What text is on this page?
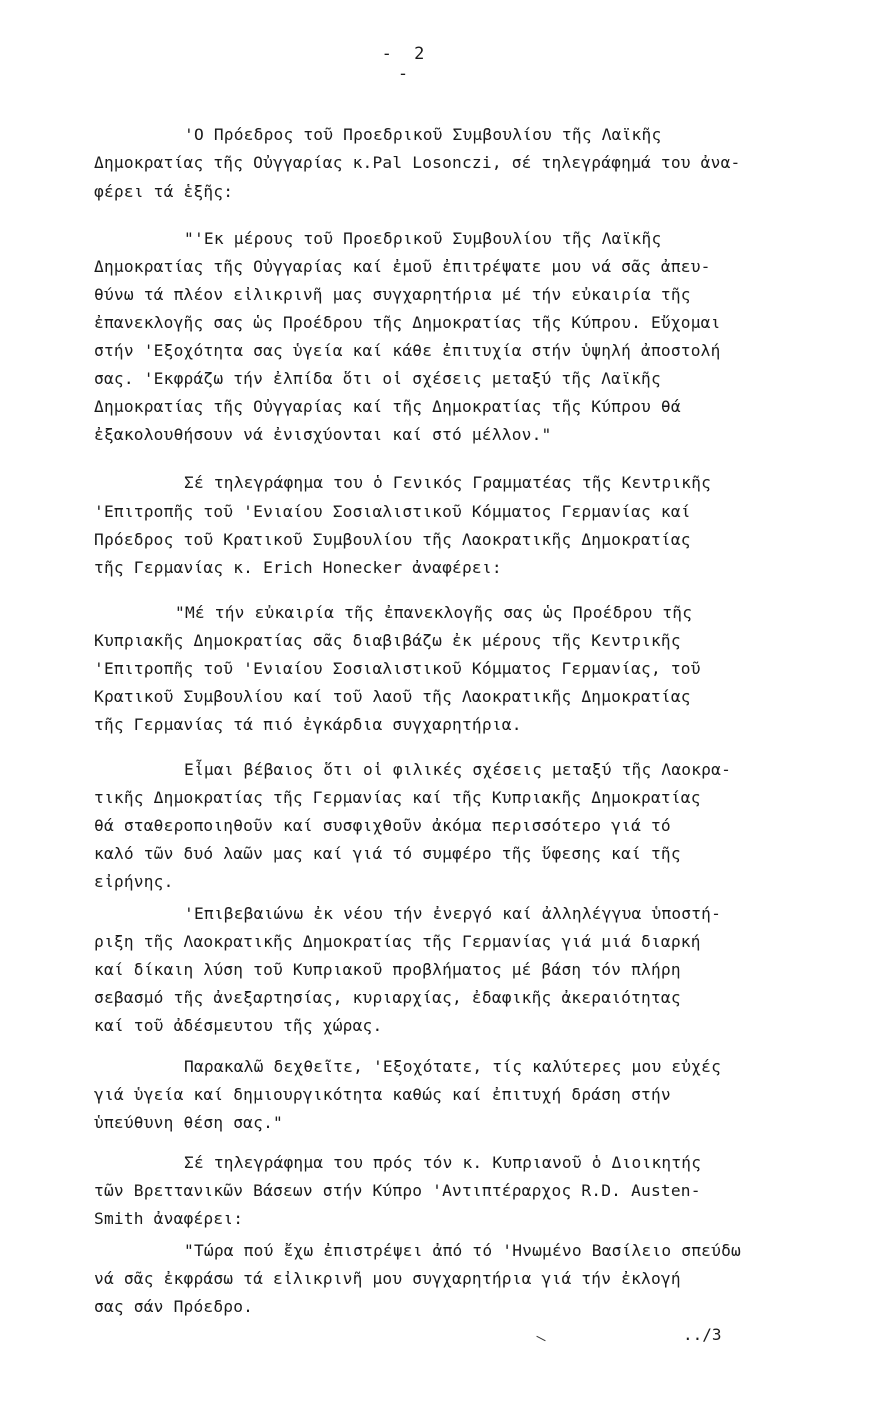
- 2 -
'Ο Πρόεδρος τοῦ Προεδρικοῦ Συμβουλίου τῆς Λαϊκῆς
Δημοκρατίας τῆς Οὐγγαρίας κ.Pal Losonczi, σέ τηλεγράφημά του ἀνα-
φέρει τά ἑξῆς:
"'Εκ μέρους τοῦ Προεδρικοῦ Συμβουλίου τῆς Λαϊκῆς
Δημοκρατίας τῆς Οὐγγαρίας καί ἐμοῦ ἐπιτρέψατε μου νά σᾶς ἀπευ-
θύνω τά πλέον εἰλικρινῆ μας συγχαρητήρια μέ τήν εὐκαιρία τῆς
ἐπανεκλογῆς σας ὡς Προέδρου τῆς Δημοκρατίας τῆς Κύπρου. Εὔχομαι
στήν 'Εξοχότητα σας ὑγεία καί κάθε ἐπιτυχία στήν ὑψηλή ἀποστολή
σας. 'Εκφράζω τήν ἐλπίδα ὅτι οἱ σχέσεις μεταξύ τῆς Λαϊκῆς
Δημοκρατίας τῆς Οὐγγαρίας καί τῆς Δημοκρατίας τῆς Κύπρου θά
ἐξακολουθήσουν νά ἐνισχύονται καί στό μέλλον."
Σέ τηλεγράφημα του ὁ Γενικός Γραμματέας τῆς Κεντρικῆς
'Επιτροπῆς τοῦ 'Ενιαίου Σοσιαλιστικοῦ Κόμματος Γερμανίας καί
Πρόεδρος τοῦ Κρατικοῦ Συμβουλίου τῆς Λαοκρατικῆς Δημοκρατίας
τῆς Γερμανίας κ. Erich Honecker ἀναφέρει:
"Μέ τήν εὐκαιρία τῆς ἐπανεκλογῆς σας ὡς Προέδρου τῆς
Κυπριακῆς Δημοκρατίας σᾶς διαβιβάζω ἐκ μέρους τῆς Κεντρικῆς
'Επιτροπῆς τοῦ 'Ενιαίου Σοσιαλιστικοῦ Κόμματος Γερμανίας, τοῦ
Κρατικοῦ Συμβουλίου καί τοῦ λαοῦ τῆς Λαοκρατικῆς Δημοκρατίας
τῆς Γερμανίας τά πιό ἐγκάρδια συγχαρητήρια.
Εἶμαι βέβαιος ὅτι οἱ φιλικές σχέσεις μεταξύ τῆς Λαοκρα-
τικῆς Δημοκρατίας τῆς Γερμανίας καί τῆς Κυπριακῆς Δημοκρατίας
θά σταθεροποιηθοῦν καί συσφιχθοῦν ἀκόμα περισσότερο γιά τό
καλό τῶν δυό λαῶν μας καί γιά τό συμφέρο τῆς ὕφεσης καί τῆς
εἰρήνης.
'Επιβεβαιώνω ἐκ νέου τήν ἐνεργό καί ἀλληλέγγυα ὑποστή-
ριξη τῆς Λαοκρατικῆς Δημοκρατίας τῆς Γερμανίας γιά μιά διαρκή
καί δίκαιη λύση τοῦ Κυπριακοῦ προβλήματος μέ βάση τόν πλήρη
σεβασμό τῆς ἀνεξαρτησίας, κυριαρχίας, ἐδαφικῆς ἀκεραιότητας
καί τοῦ ἀδέσμευτου τῆς χώρας.
Παρακαλῶ δεχθεῖτε, 'Εξοχότατε, τίς καλύτερες μου εὐχές
γιά ὑγεία καί δημιουργικότητα καθώς καί ἐπιτυχή δράση στήν
ὑπεύθυνη θέση σας."
Σέ τηλεγράφημα του πρός τόν κ. Κυπριανοῦ ὁ Διοικητής
τῶν Βρεττανικῶν Βάσεων στήν Κύπρο 'Αντιπτέραρχος R.D. Austen-
Smith ἀναφέρει:
"Τώρα πού ἔχω ἐπιστρέψει ἀπό τό 'Ηνωμένο Βασίλειο σπεύδω
νά σᾶς ἐκφράσω τά εἰλικρινῆ μου συγχαρητήρια γιά τήν ἐκλογή
σας σάν Πρόεδρο.
../3
